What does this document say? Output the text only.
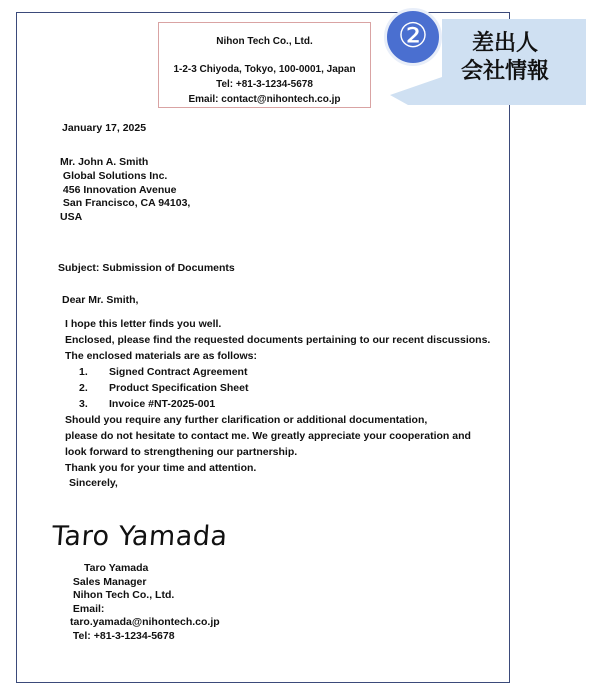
Nihon Tech Co., Ltd.
1-2-3 Chiyoda, Tokyo, 100-0001, Japan
Tel: +81-3-1234-5678
Email: contact@nihontech.co.jp
②	差出人
会社情報
January 17, 2025
Mr. John A. Smith
Global Solutions Inc.
456 Innovation Avenue
San Francisco, CA 94103,
USA
Subject: Submission of Documents
Dear Mr. Smith,
I hope this letter finds you well.
Enclosed, please find the requested documents pertaining to our recent discussions.
The enclosed materials are as follows:
1. Signed Contract Agreement
2. Product Specification Sheet
3. Invoice #NT-2025-001
Should you require any further clarification or additional documentation,
please do not hesitate to contact me. We greatly appreciate your cooperation and
look forward to strengthening our partnership.
Thank you for your time and attention.
Sincerely,
Taro Yamada
Taro Yamada
Sales Manager
Nihon Tech Co., Ltd.
Email:
taro.yamada@nihontech.co.jp
Tel: +81-3-1234-5678
